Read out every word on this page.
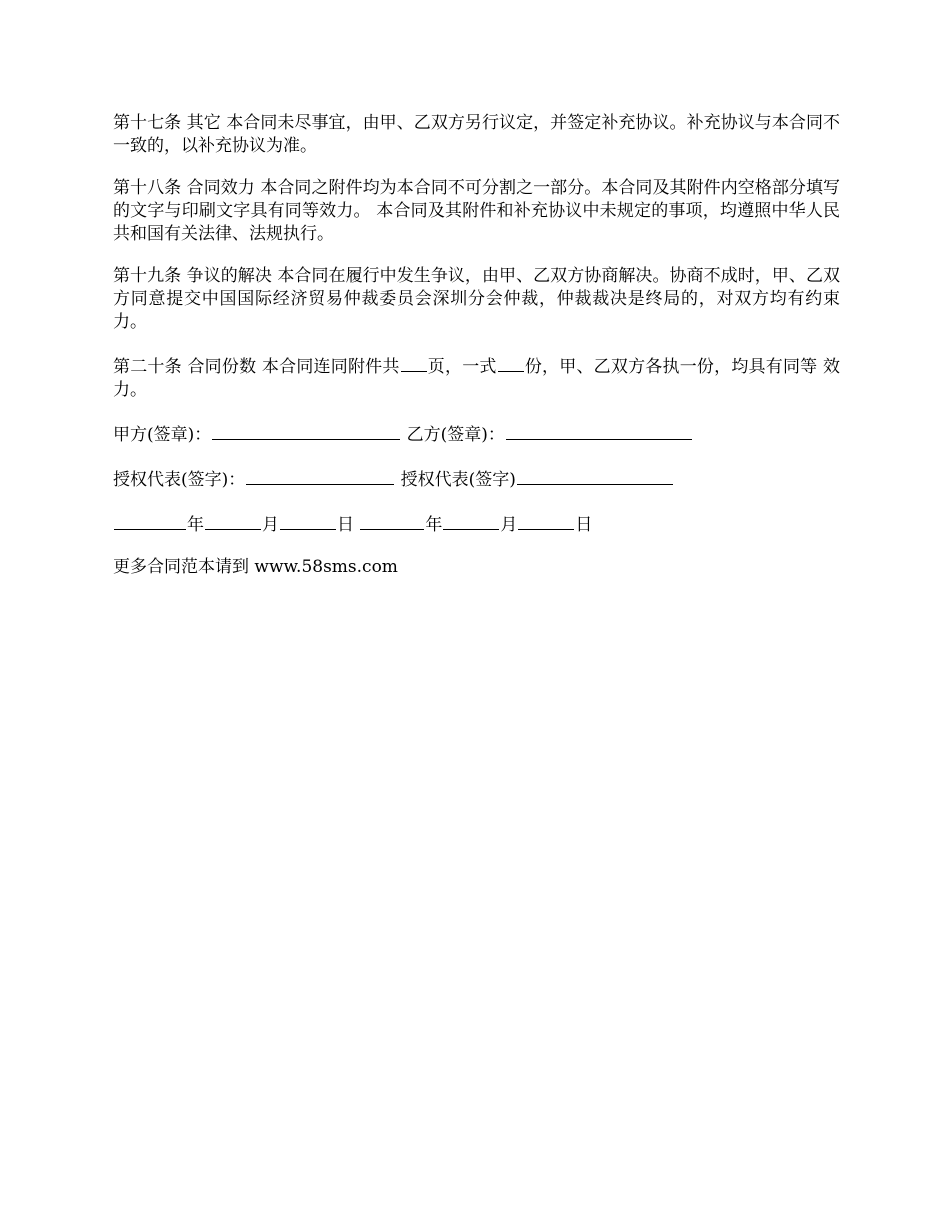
第十七条 其它 本合同未尽事宜，由甲、乙双方另行议定，并签定补充协议。补充协议与本合同不一致的，以补充协议为准。

第十八条 合同效力 本合同之附件均为本合同不可分割之一部分。本合同及其附件内空格部分填写的文字与印刷文字具有同等效力。 本合同及其附件和补充协议中未规定的事项，均遵照中华人民共和国有关法律、法规执行。

第十九条 争议的解决 本合同在履行中发生争议，由甲、乙双方协商解决。协商不成时，甲、乙双方同意提交中国国际经济贸易仲裁委员会深圳分会仲裁，仲裁裁决是终局的，对双方均有约束力。

第二十条 合同份数 本合同连同附件共 页，一式 份，甲、乙双方各执一份，均具有同等 效力。

甲方(签章)：	乙方(签章)：
授权代表(签字)：	授权代表(签字)
年	月	日	年	月	日
更多合同范本请到 www.58sms.com
